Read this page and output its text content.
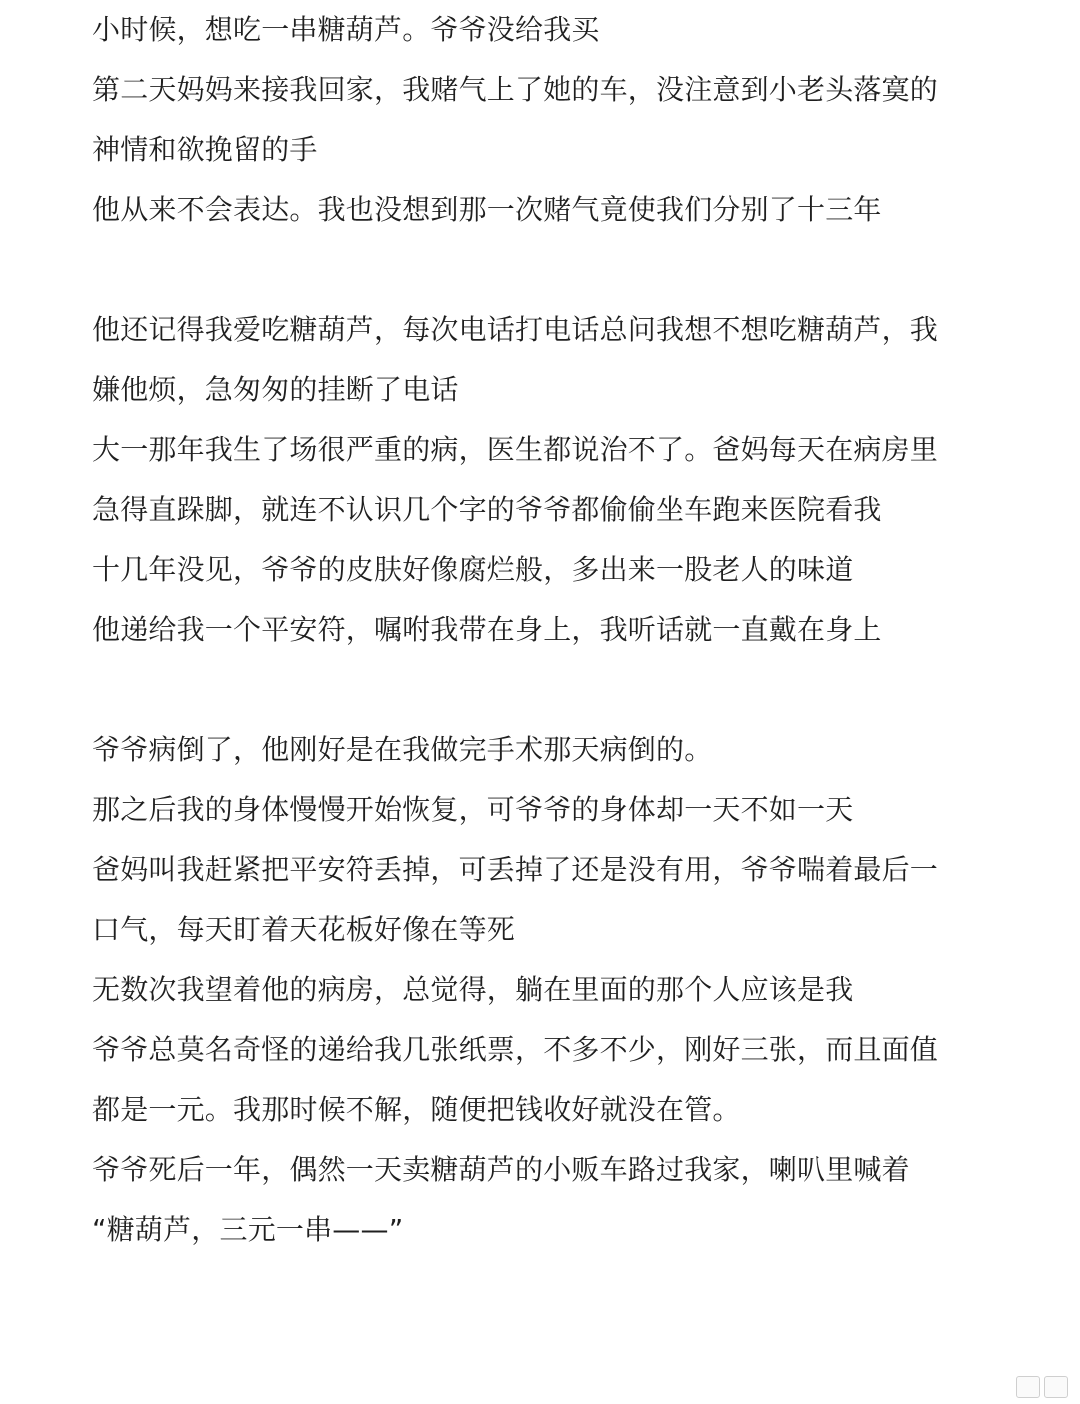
小时候，想吃一串糖葫芦。爷爷没给我买

第二天妈妈来接我回家，我赌气上了她的车，没注意到小老头落寞的

神情和欲挽留的手

他从来不会表达。我也没想到那一次赌气竟使我们分别了十三年

他还记得我爱吃糖葫芦，每次电话打电话总问我想不想吃糖葫芦，我

嫌他烦，急匆匆的挂断了电话

大一那年我生了场很严重的病，医生都说治不了。爸妈每天在病房里

急得直跺脚，就连不认识几个字的爷爷都偷偷坐车跑来医院看我

十几年没见，爷爷的皮肤好像腐烂般，多出来一股老人的味道

他递给我一个平安符，嘱咐我带在身上，我听话就一直戴在身上

爷爷病倒了，他刚好是在我做完手术那天病倒的。

那之后我的身体慢慢开始恢复，可爷爷的身体却一天不如一天

爸妈叫我赶紧把平安符丢掉，可丢掉了还是没有用，爷爷喘着最后一

口气，每天盯着天花板好像在等死

无数次我望着他的病房，总觉得，躺在里面的那个人应该是我

爷爷总莫名奇怪的递给我几张纸票，不多不少，刚好三张，而且面值

都是一元。我那时候不解，随便把钱收好就没在管。

爷爷死后一年，偶然一天卖糖葫芦的小贩车路过我家，喇叭里喊着

“糖葫芦，三元一串——”
